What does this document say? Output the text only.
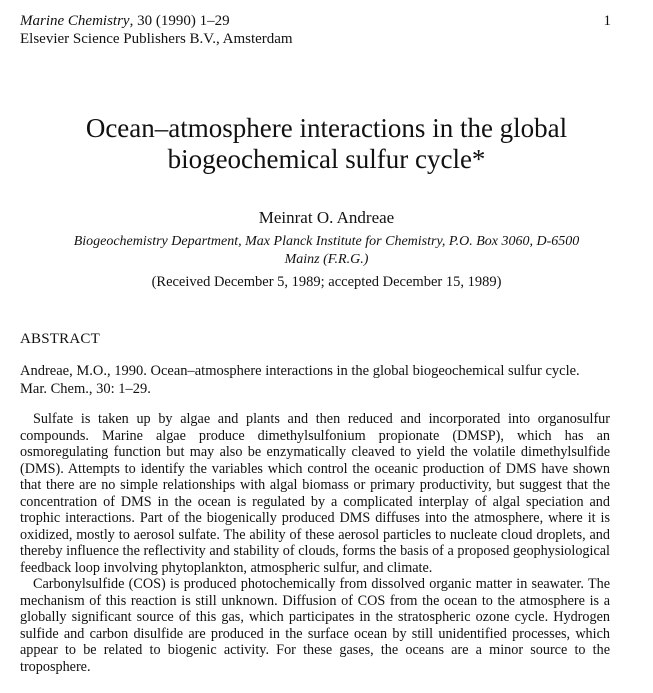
Marine Chemistry, 30 (1990) 1–29
Elsevier Science Publishers B.V., Amsterdam
1
Ocean–atmosphere interactions in the global
biogeochemical sulfur cycle*
Meinrat O. Andreae
Biogeochemistry Department, Max Planck Institute for Chemistry, P.O. Box 3060, D-6500 Mainz (F.R.G.)
(Received December 5, 1989; accepted December 15, 1989)
ABSTRACT
Andreae, M.O., 1990. Ocean–atmosphere interactions in the global biogeochemical sulfur cycle. Mar. Chem., 30: 1–29.

Sulfate is taken up by algae and plants and then reduced and incorporated into organosulfur compounds. Marine algae produce dimethylsulfonium propionate (DMSP), which has an osmoregulating function but may also be enzymatically cleaved to yield the volatile dimethylsulfide (DMS). Attempts to identify the variables which control the oceanic production of DMS have shown that there are no simple relationships with algal biomass or primary productivity, but suggest that the concentration of DMS in the ocean is regulated by a complicated interplay of algal speciation and trophic interactions. Part of the biogenically produced DMS diffuses into the atmosphere, where it is oxidized, mostly to aerosol sulfate. The ability of these aerosol particles to nucleate cloud droplets, and thereby influence the reflectivity and stability of clouds, forms the basis of a proposed geophysiological feedback loop involving phytoplankton, atmospheric sulfur, and climate.

Carbonylsulfide (COS) is produced photochemically from dissolved organic matter in seawater. The mechanism of this reaction is still unknown. Diffusion of COS from the ocean to the atmosphere is a globally significant source of this gas, which participates in the stratospheric ozone cycle. Hydrogen sulfide and carbon disulfide are produced in the surface ocean by still unidentified processes, which appear to be related to biogenic activity. For these gases, the oceans are a minor source to the troposphere.
